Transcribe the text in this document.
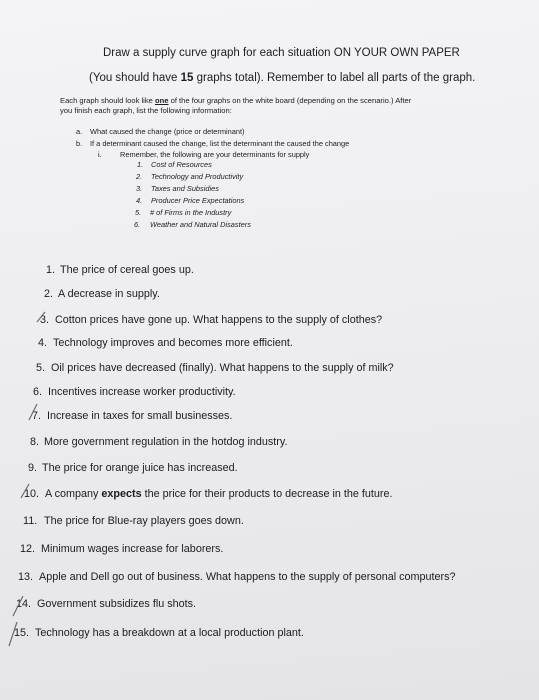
Draw a supply curve graph for each situation ON YOUR OWN PAPER
(You should have 15 graphs total). Remember to label all parts of the graph.
Each graph should look like one of the four graphs on the white board (depending on the scenario.) After
you finish each graph, list the following information:
a. What caused the change (price or determinant)
b. If a determinant caused the change, list the determinant the caused the change
i. Remember, the following are your determinants for supply
1. Cost of Resources
2. Technology and Productivity
3. Taxes and Subsidies
4. Producer Price Expectations
5. # of Firms in the Industry
6. Weather and Natural Disasters
1. The price of cereal goes up.
2. A decrease in supply.
3. Cotton prices have gone up. What happens to the supply of clothes?
4. Technology improves and becomes more efficient.
5. Oil prices have decreased (finally). What happens to the supply of milk?
6. Incentives increase worker productivity.
7. Increase in taxes for small businesses.
8. More government regulation in the hotdog industry.
9. The price for orange juice has increased.
10. A company expects the price for their products to decrease in the future.
11. The price for Blue-ray players goes down.
12. Minimum wages increase for laborers.
13. Apple and Dell go out of business. What happens to the supply of personal computers?
14. Government subsidizes flu shots.
15. Technology has a breakdown at a local production plant.
